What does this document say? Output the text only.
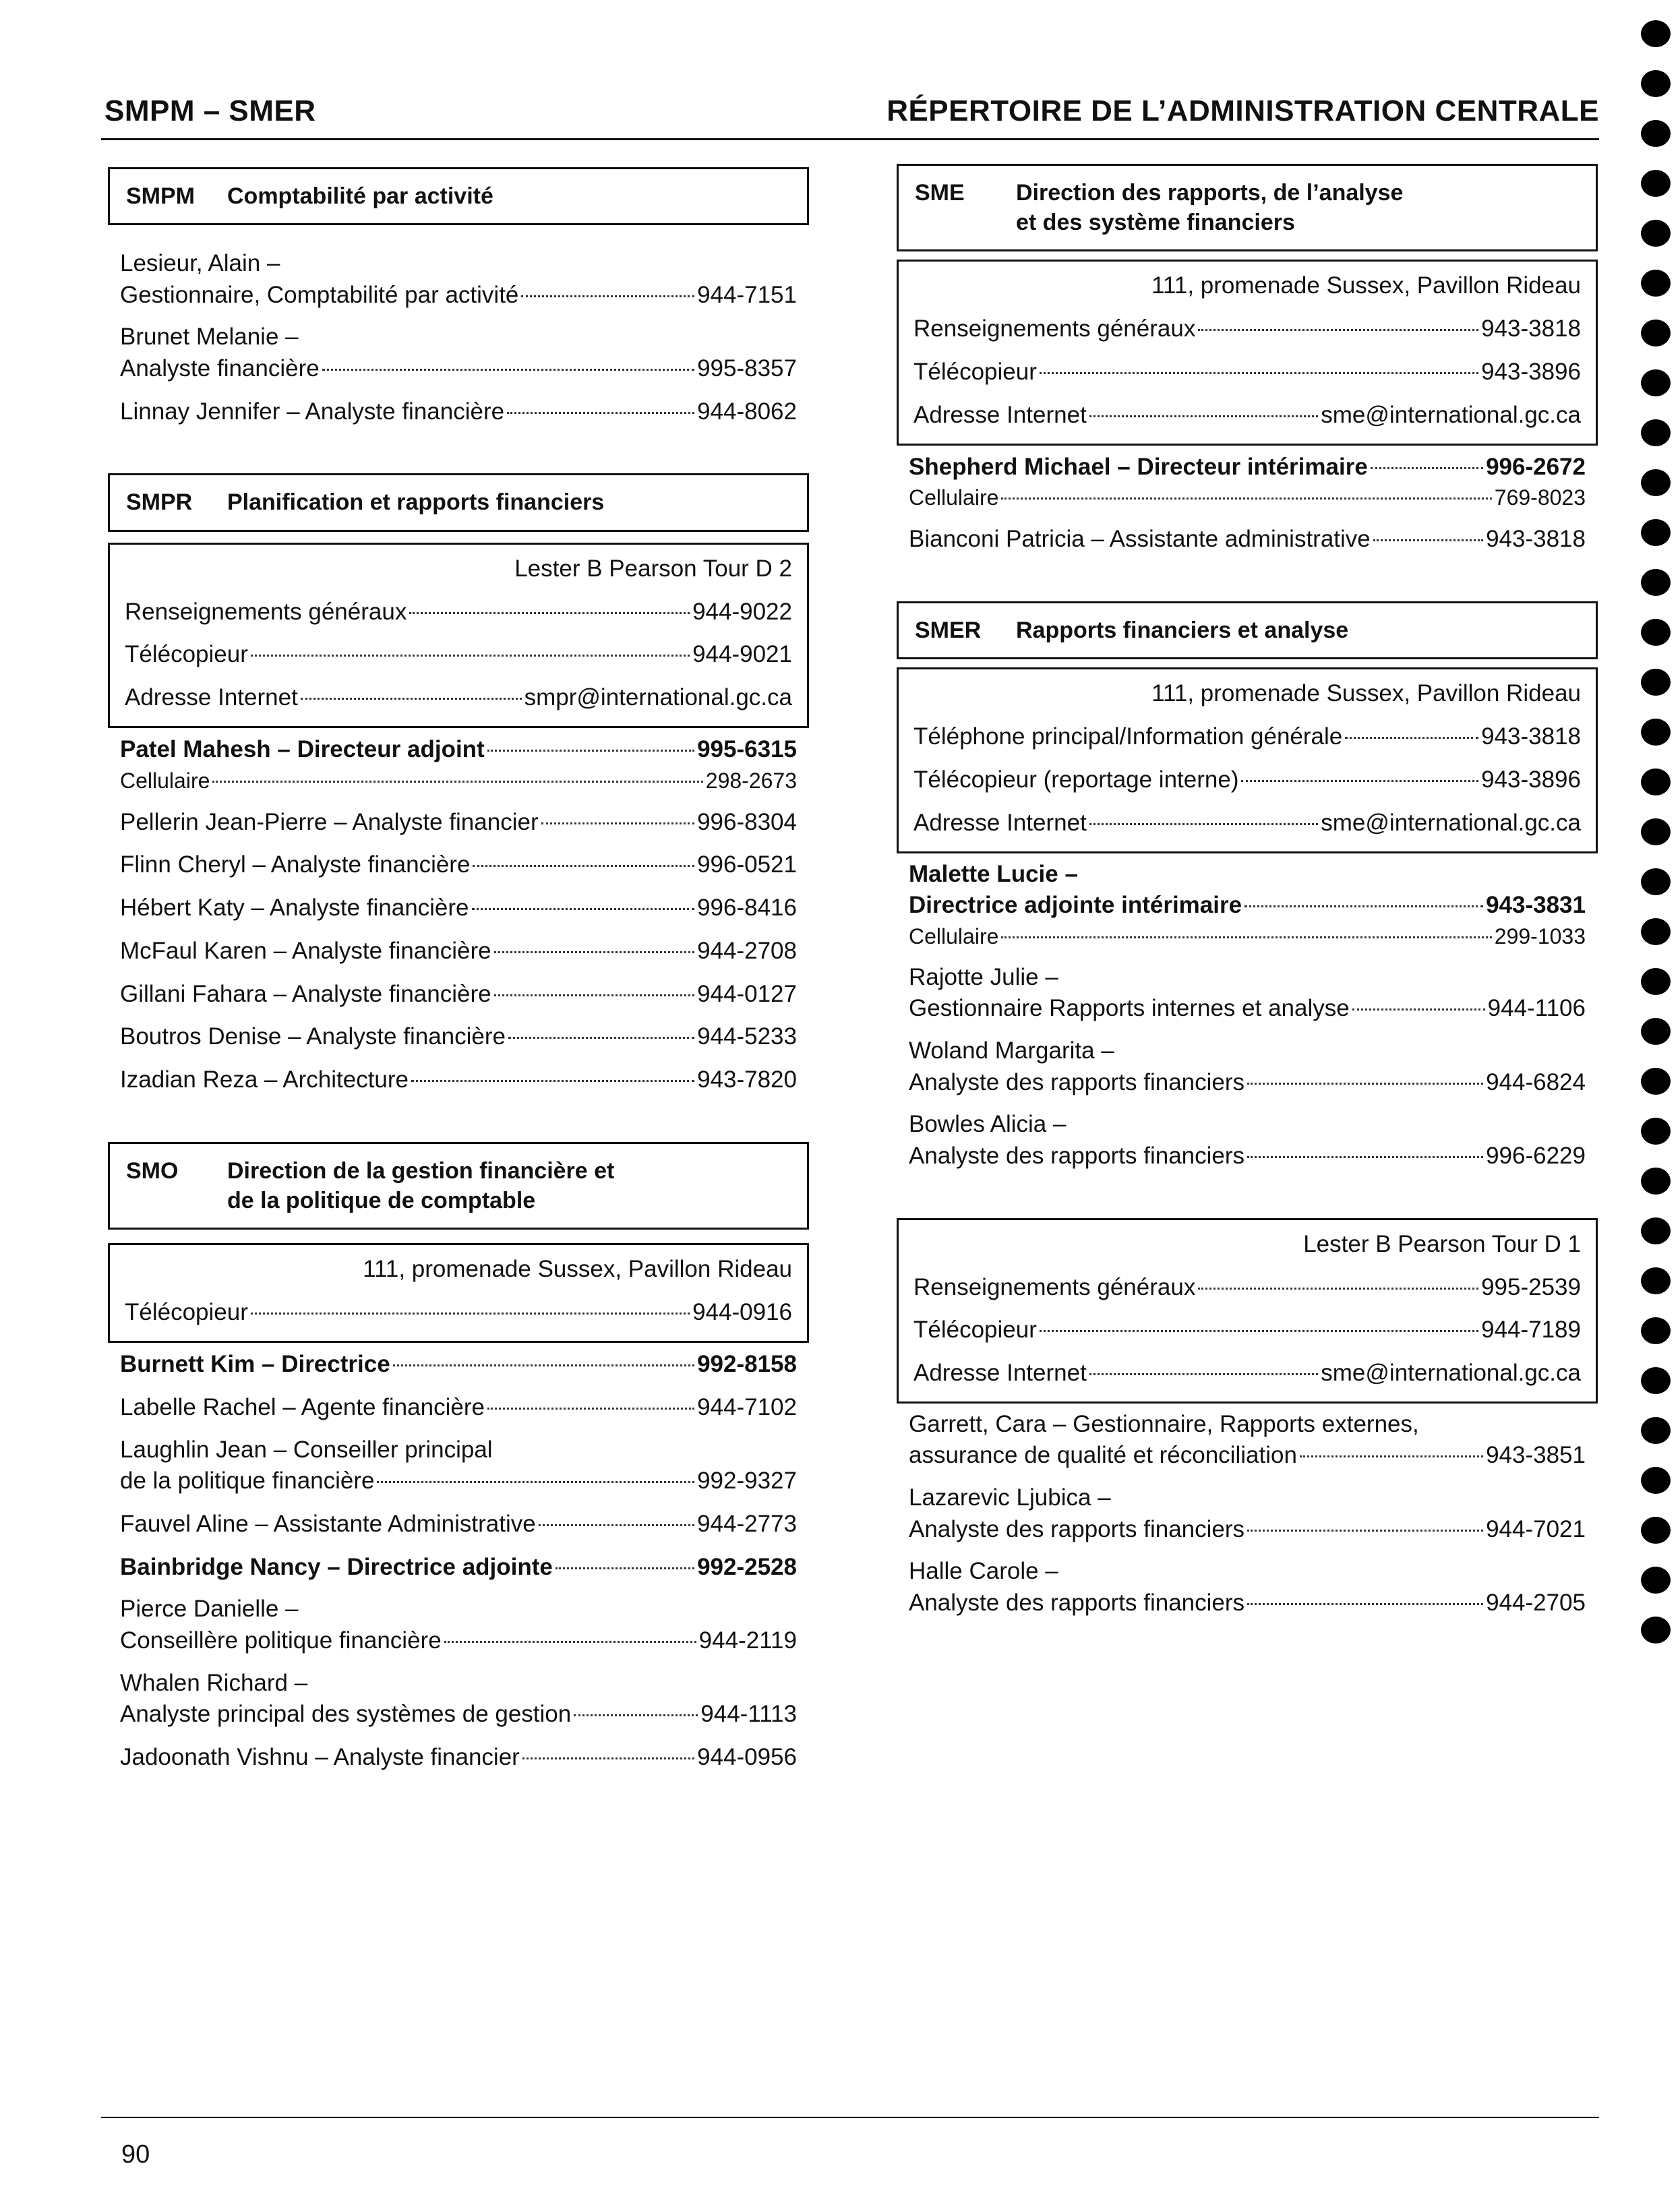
SMPM – SMER	RÉPERTOIRE DE L’ADMINISTRATION CENTRALE
SMPM Comptabilité par activité
Lesieur, Alain –
Gestionnaire, Comptabilité par activité	944-7151
Brunet Melanie –
Analyste financière	995-8357
Linnay Jennifer – Analyste financière	944-8062
SMPR	Planification et rapports financiers
Lester B Pearson Tour D 2
Renseignements généraux	944-9022
Télécopieur	944-9021
Adresse Internet	smpr@international.gc.ca
Patel Mahesh – Directeur adjoint	995-6315
Cellulaire	298-2673
Pellerin Jean-Pierre – Analyste financier	996-8304
Flinn Cheryl – Analyste financière	996-0521
Hébert Katy – Analyste financière	996-8416
McFaul Karen – Analyste financière	944-2708
Gillani Fahara – Analyste financière	944-0127
Boutros Denise – Analyste financière	944-5233
Izadian Reza – Architecture	943-7820
SMO	Direction de la gestion financière et
de la politique de comptable
111, promenade Sussex, Pavillon Rideau
Télécopieur	944-0916
Burnett Kim – Directrice	992-8158
Labelle Rachel – Agente financière	944-7102
Laughlin Jean – Conseiller principal
de la politique financière	992-9327
Fauvel Aline – Assistante Administrative	944-2773
Bainbridge Nancy – Directrice adjointe	992-2528
Pierce Danielle –
Conseillère politique financière	944-2119
Whalen Richard –
Analyste principal des systèmes de gestion	944-1113
Jadoonath Vishnu – Analyste financier	944-0956
SME	Direction des rapports, de l’analyse
et des système financiers
111, promenade Sussex, Pavillon Rideau
Renseignements généraux	943-3818
Télécopieur	943-3896
Adresse Internet	sme@international.gc.ca
Shepherd Michael – Directeur intérimaire	996-2672
Cellulaire	769-8023
Bianconi Patricia – Assistante administrative	943-3818
SMER	Rapports financiers et analyse
111, promenade Sussex, Pavillon Rideau
Téléphone principal/Information générale	943-3818
Télécopieur (reportage interne)	943-3896
Adresse Internet	sme@international.gc.ca
Malette Lucie –
Directrice adjointe intérimaire	943-3831
Cellulaire	299-1033
Rajotte Julie –
Gestionnaire Rapports internes et analyse	944-1106
Woland Margarita –
Analyste des rapports financiers	944-6824
Bowles Alicia –
Analyste des rapports financiers	996-6229
Lester B Pearson Tour D 1
Renseignements généraux	995-2539
Télécopieur	944-7189
Adresse Internet	sme@international.gc.ca
Garrett, Cara – Gestionnaire, Rapports externes,
assurance de qualité et réconciliation	943-3851
Lazarevic Ljubica –
Analyste des rapports financiers	944-7021
Halle Carole –
Analyste des rapports financiers	944-2705
90
